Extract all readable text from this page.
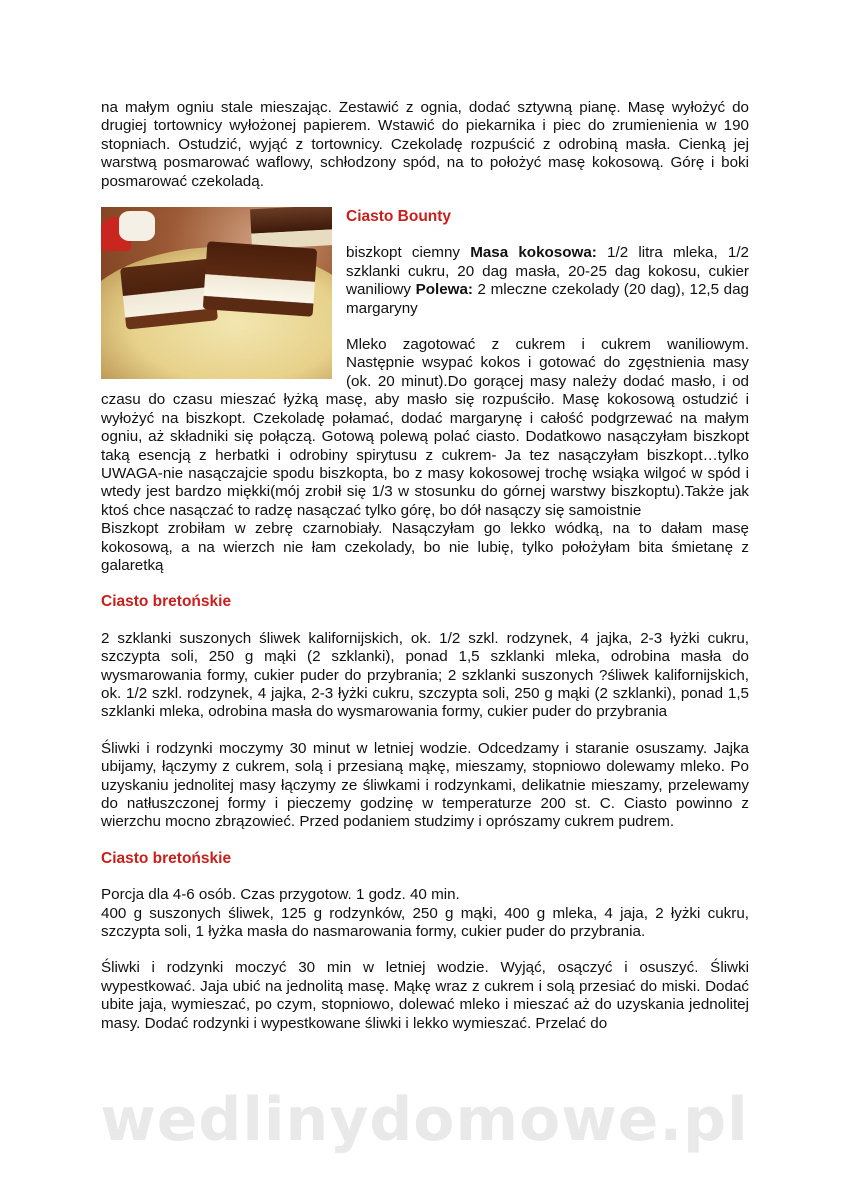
na małym ogniu stale mieszając. Zestawić z ognia, dodać sztywną pianę. Masę wyłożyć do drugiej tortownicy wyłożonej papierem. Wstawić do piekarnika i piec do zrumienienia w 190 stopniach. Ostudzić, wyjąć z tortownicy. Czekoladę rozpuścić z odrobiną masła. Cienką jej warstwą posmarować waflowy, schłodzony spód, na to położyć masę kokosową. Górę i boki posmarować czekoladą.

Ciasto Bounty

biszkopt ciemny Masa kokosowa: 1/2 litra mleka, 1/2 szklanki cukru, 20 dag masła, 20-25 dag kokosu, cukier waniliowy Polewa: 2 mleczne czekolady (20 dag), 12,5 dag margaryny

Mleko zagotować z cukrem i cukrem waniliowym. Następnie wsypać kokos i gotować do zgęstnienia masy (ok. 20 minut).Do gorącej masy należy dodać masło, i od czasu do czasu mieszać łyżką masę, aby masło się rozpuściło. Masę kokosową ostudzić i wyłożyć na biszkopt. Czekoladę połamać, dodać margarynę i całość podgrzewać na małym ogniu, aż składniki się połączą. Gotową polewą polać ciasto. Dodatkowo nasączyłam biszkopt taką esencją z herbatki i odrobiny spirytusu z cukrem- Ja tez nasączyłam biszkopt…tylko UWAGA-nie nasączajcie spodu biszkopta, bo z masy kokosowej trochę wsiąka wilgoć w spód i wtedy jest bardzo miękki(mój zrobił się 1/3 w stosunku do górnej warstwy biszkoptu).Także jak ktoś chce nasączać to radzę nasączać tylko górę, bo dół nasączy się samoistnie

Biszkopt zrobiłam w zebrę czarnobiały. Nasączyłam go lekko wódką, na to dałam masę kokosową, a na wierzch nie łam czekolady, bo nie lubię, tylko położyłam bita śmietanę z galaretką

Ciasto bretońskie

2 szklanki suszonych śliwek kalifornijskich, ok. 1/2 szkl. rodzynek, 4 jajka, 2-3 łyżki cukru, szczypta soli, 250 g mąki (2 szklanki), ponad 1,5 szklanki mleka, odrobina masła do wysmarowania formy, cukier puder do przybrania; 2 szklanki suszonych ?śliwek kalifornijskich, ok. 1/2 szkl. rodzynek, 4 jajka, 2-3 łyżki cukru, szczypta soli, 250 g mąki (2 szklanki), ponad 1,5 szklanki mleka, odrobina masła do wysmarowania formy, cukier puder do przybrania

Śliwki i rodzynki moczymy 30 minut w letniej wodzie. Odcedzamy i staranie osuszamy. Jajka ubijamy, łączymy z cukrem, solą i przesianą mąkę, mieszamy, stopniowo dolewamy mleko. Po uzyskaniu jednolitej masy łączymy ze śliwkami i rodzynkami, delikatnie mieszamy, przelewamy do natłuszczonej formy i pieczemy godzinę w temperaturze 200 st. C. Ciasto powinno z wierzchu mocno zbrązowieć. Przed podaniem studzimy i oprószamy cukrem pudrem.

Ciasto bretońskie

Porcja dla 4-6 osób. Czas przygotow. 1 godz. 40 min.

400 g suszonych śliwek, 125 g rodzynków, 250 g mąki, 400 g mleka, 4 jaja, 2 łyżki cukru, szczypta soli, 1 łyżka masła do nasmarowania formy, cukier puder do przybrania.

Śliwki i rodzynki moczyć 30 min w letniej wodzie. Wyjąć, osączyć i osuszyć. Śliwki wypestkować. Jaja ubić na jednolitą masę. Mąkę wraz z cukrem i solą przesiać do miski. Dodać ubite jaja, wymieszać, po czym, stopniowo, dolewać mleko i mieszać aż do uzyskania jednolitej masy. Dodać rodzynki i wypestkowane śliwki i lekko wymieszać. Przelać do

wedlinydomowe.pl
